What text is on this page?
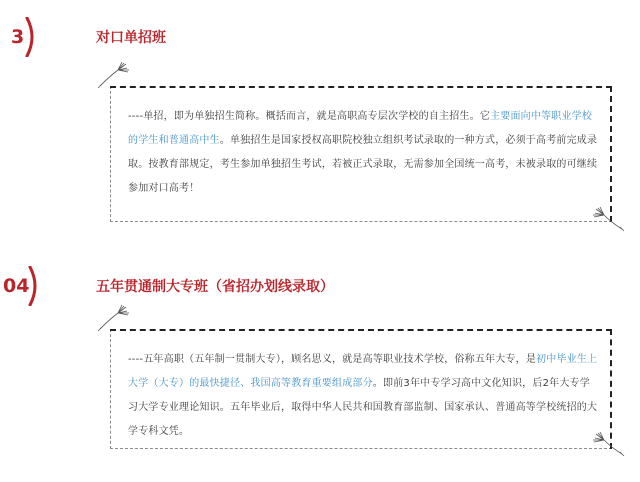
3	对口单招班
----单招，即为单独招生简称。概括而言，就是高职高专层次学校的自主招生。它主要面向中等职业学校的学生和普通高中生。单独招生是国家授权高职院校独立组织考试录取的一种方式，必须于高考前完成录取。按教育部规定，考生参加单独招生考试，若被正式录取，无需参加全国统一高考，未被录取的可继续参加对口高考！
04	五年贯通制大专班（省招办划线录取）
----五年高职（五年制一贯制大专），顾名思义，就是高等职业技术学校，俗称五年大专，是初中毕业生上大学（大专）的最快捷径、我国高等教育重要组成部分。即前3年中专学习高中文化知识，后2年大专学习大学专业理论知识。五年毕业后，取得中华人民共和国教育部监制、国家承认、普通高等学校统招的大学专科文凭。
